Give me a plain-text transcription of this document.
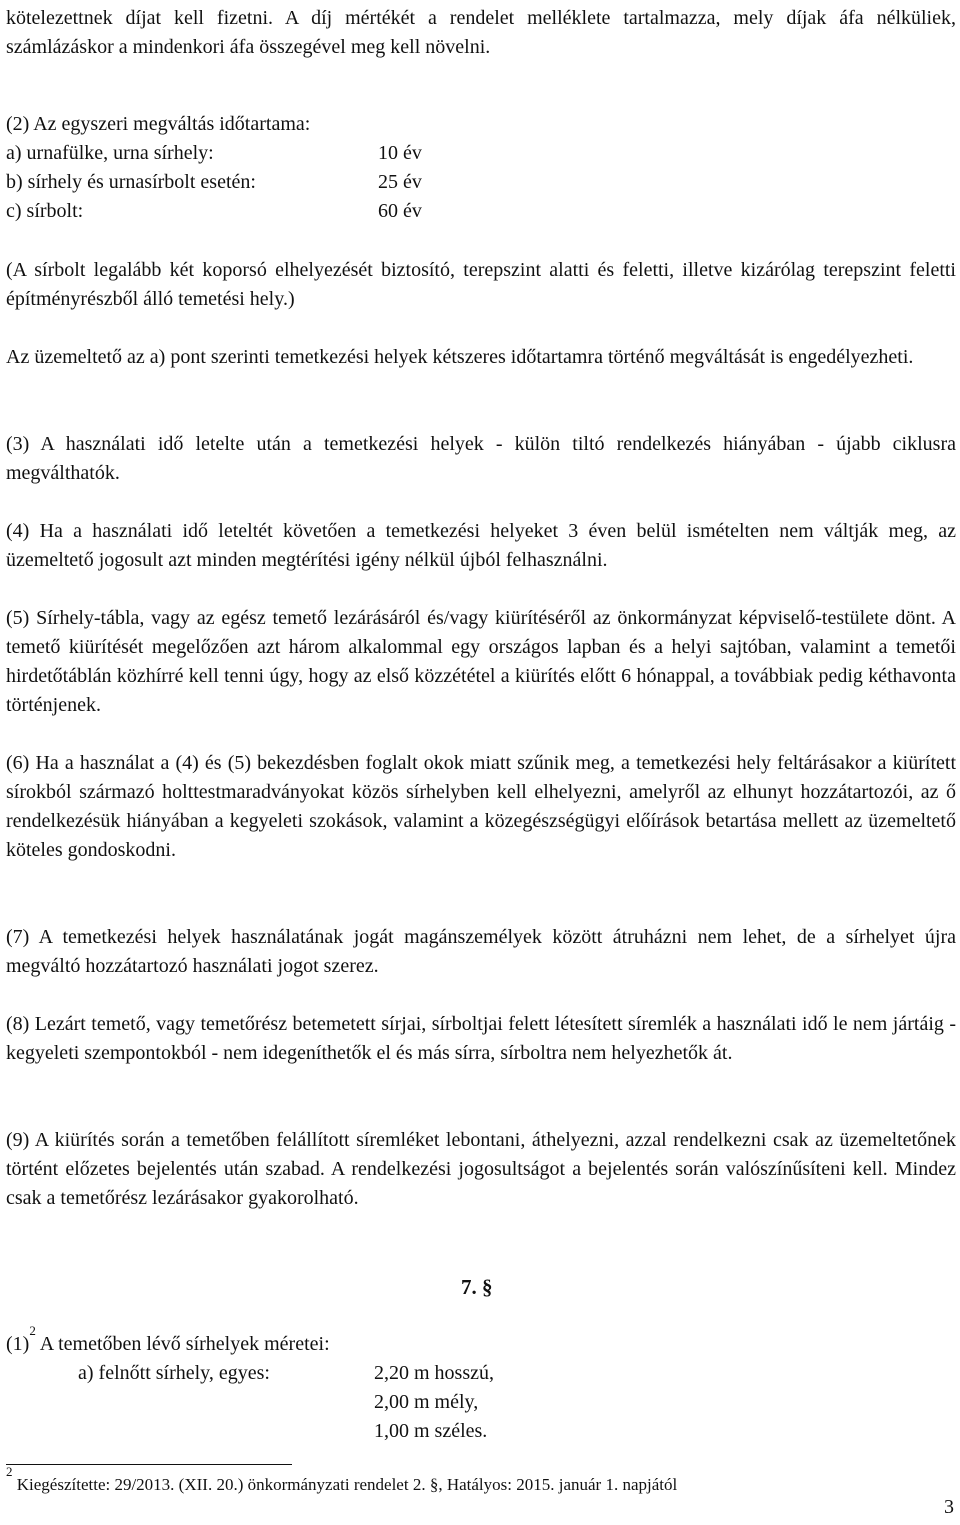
kötelezettnek díjat kell fizetni. A díj mértékét a rendelet melléklete tartalmazza, mely díjak áfa nélküliek, számlázáskor a mindenkori áfa összegével meg kell növelni.

(2) Az egyszeri megváltás időtartama:
a) urnafülke, urna sírhely:	10 év
b) sírhely és urnasírbolt esetén:	25 év
c) sírbolt:	60 év

(A sírbolt legalább két koporsó elhelyezését biztosító, terepszint alatti és feletti, illetve kizárólag terepszint feletti építményrészből álló temetési hely.)

Az üzemeltető az a) pont szerinti temetkezési helyek kétszeres időtartamra történő megváltását is engedélyezheti.

(3) A használati idő letelte után a temetkezési helyek - külön tiltó rendelkezés hiányában - újabb ciklusra megválthatók.

(4) Ha a használati idő leteltét követően a temetkezési helyeket 3 éven belül ismételten nem váltják meg, az üzemeltető jogosult azt minden megtérítési igény nélkül újból felhasználni.

(5) Sírhely-tábla, vagy az egész temető lezárásáról és/vagy kiürítéséről az önkormányzat képviselő-testülete dönt. A temető kiürítését megelőzően azt három alkalommal egy országos lapban és a helyi sajtóban, valamint a temetői hirdetőtáblán közhírré kell tenni úgy, hogy az első közzététel a kiürítés előtt 6 hónappal, a továbbiak pedig kéthavonta történjenek.

(6) Ha a használat a (4) és (5) bekezdésben foglalt okok miatt szűnik meg, a temetkezési hely feltárásakor a kiürített sírokból származó holttestmaradványokat közös sírhelyben kell elhelyezni, amelyről az elhunyt hozzátartozói, az ő rendelkezésük hiányában a kegyeleti szokások, valamint a közegészségügyi előírások betartása mellett az üzemeltető köteles gondoskodni.

(7) A temetkezési helyek használatának jogát magánszemélyek között átruházni nem lehet, de a sírhelyet újra megváltó hozzátartozó használati jogot szerez.

(8) Lezárt temető, vagy temetőrész betemetett sírjai, sírboltjai felett létesített síremlék a használati idő le nem jártáig - kegyeleti szempontokból - nem idegeníthetők el és más sírra, sírboltra nem helyezhetők át.

(9) A kiürítés során a temetőben felállított síremléket lebontani, áthelyezni, azzal rendelkezni csak az üzemeltetőnek történt előzetes bejelentés után szabad. A rendelkezési jogosultságot a bejelentés során valószínűsíteni kell. Mindez csak a temetőrész lezárásakor gyakorolható.

7. §
$(1)^2$ A temetőben lévő sírhelyek méretei:
a) felnőtt sírhely, egyes:	2,20 m hosszú,
2,00 m mély,
1,00 m széles.
$^2$ Kiegészítette: 29/2013. (XII. 20.) önkormányzati rendelet 2. §, Hatályos: 2015. január 1. napjától
3
